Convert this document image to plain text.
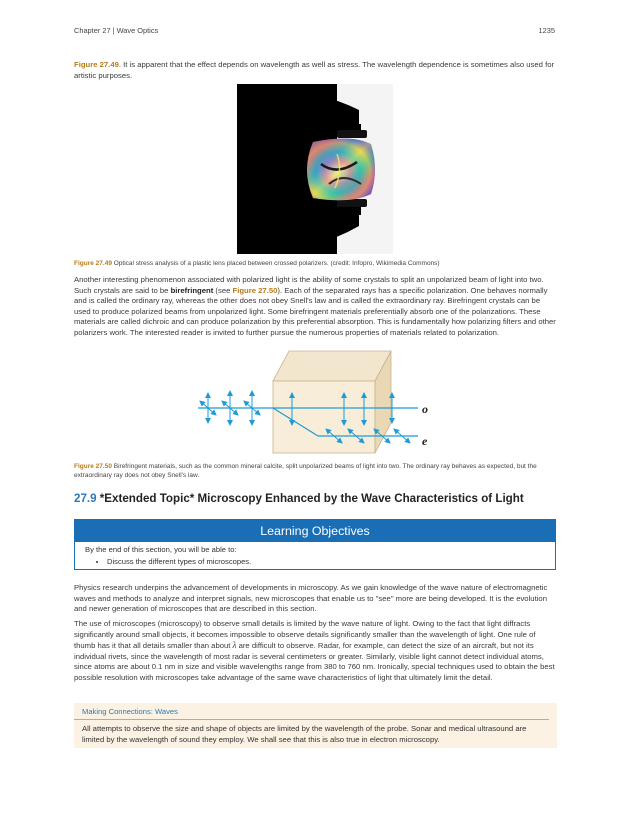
Chapter 27 | Wave Optics	1235

Figure 27.49. It is apparent that the effect depends on wavelength as well as stress. The wavelength dependence is sometimes also used for artistic purposes.

Figure 27.49 Optical stress analysis of a plastic lens placed between crossed polarizers. (credit: Infopro, Wikimedia Commons)

Another interesting phenomenon associated with polarized light is the ability of some crystals to split an unpolarized beam of light into two. Such crystals are said to be birefringent (see Figure 27.50). Each of the separated rays has a specific polarization. One behaves normally and is called the ordinary ray, whereas the other does not obey Snell's law and is called the extraordinary ray. Birefringent crystals can be used to produce polarized beams from unpolarized light. Some birefringent materials preferentially absorb one of the polarizations. These materials are called dichroic and can produce polarization by this preferential absorption. This is fundamentally how polarizing filters and other polarizers work. The interested reader is invited to further pursue the numerous properties of materials related to polarization.

o
e

Figure 27.50 Birefringent materials, such as the common mineral calcite, split unpolarized beams of light into two. The ordinary ray behaves as expected, but the extraordinary ray does not obey Snell's law.

27.9 *Extended Topic* Microscopy Enhanced by the Wave Characteristics of Light
Learning Objectives
By the end of this section, you will be able to:
• Discuss the different types of microscopes.

Physics research underpins the advancement of developments in microscopy. As we gain knowledge of the wave nature of electromagnetic waves and methods to analyze and interpret signals, new microscopes that enable us to "see" more are being developed. It is the evolution and newer generation of microscopes that are described in this section.

The use of microscopes (microscopy) to observe small details is limited by the wave nature of light. Owing to the fact that light diffracts significantly around small objects, it becomes impossible to observe details significantly smaller than the wavelength of light. One rule of thumb has it that all details smaller than about λ are difficult to observe. Radar, for example, can detect the size of an aircraft, but not its individual rivets, since the wavelength of most radar is several centimeters or greater. Similarly, visible light cannot detect individual atoms, since atoms are about 0.1 nm in size and visible wavelengths range from 380 to 760 nm. Ironically, special techniques used to obtain the best possible resolution with microscopes take advantage of the same wave characteristics of light that ultimately limit the detail.

Making Connections: Waves
All attempts to observe the size and shape of objects are limited by the wavelength of the probe. Sonar and medical ultrasound are limited by the wavelength of sound they employ. We shall see that this is also true in electron microscopy.
